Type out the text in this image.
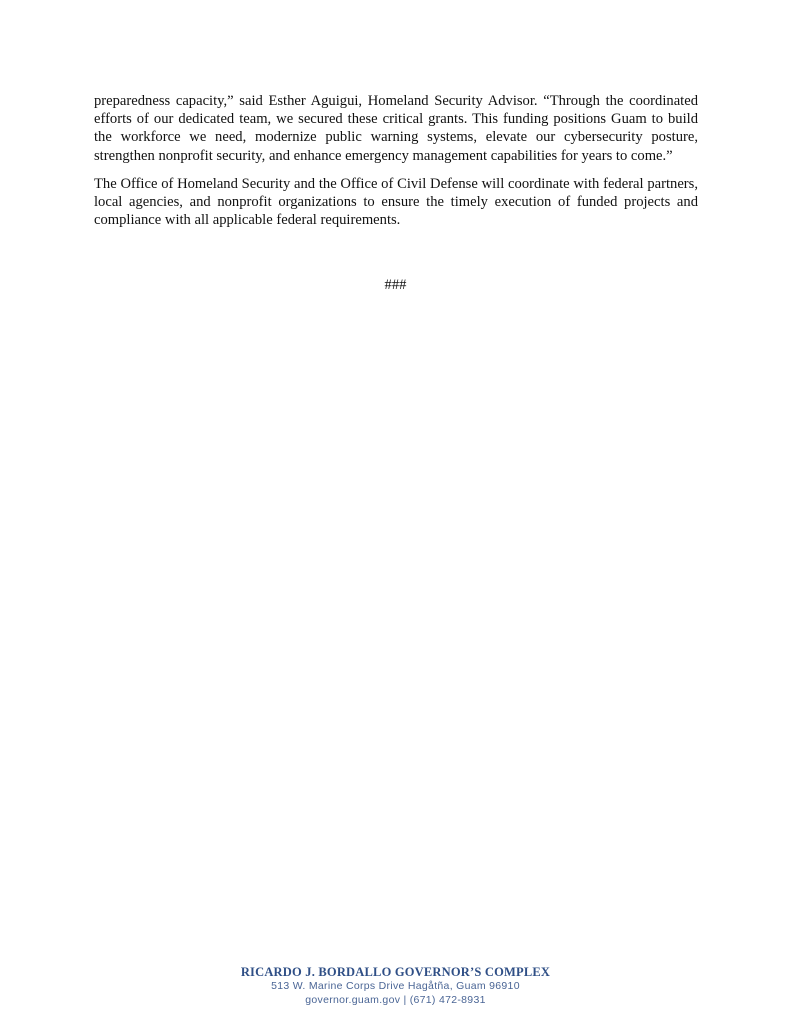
preparedness capacity,” said Esther Aguigui, Homeland Security Advisor. “Through the coordinated efforts of our dedicated team, we secured these critical grants. This funding positions Guam to build the workforce we need, modernize public warning systems, elevate our cybersecurity posture, strengthen nonprofit security, and enhance emergency management capabilities for years to come.”

The Office of Homeland Security and the Office of Civil Defense will coordinate with federal partners, local agencies, and nonprofit organizations to ensure the timely execution of funded projects and compliance with all applicable federal requirements.

###
RICARDO J. BORDALLO GOVERNOR’S COMPLEX
513 W. Marine Corps Drive Hagåtña, Guam 96910
governor.guam.gov | (671) 472-8931
